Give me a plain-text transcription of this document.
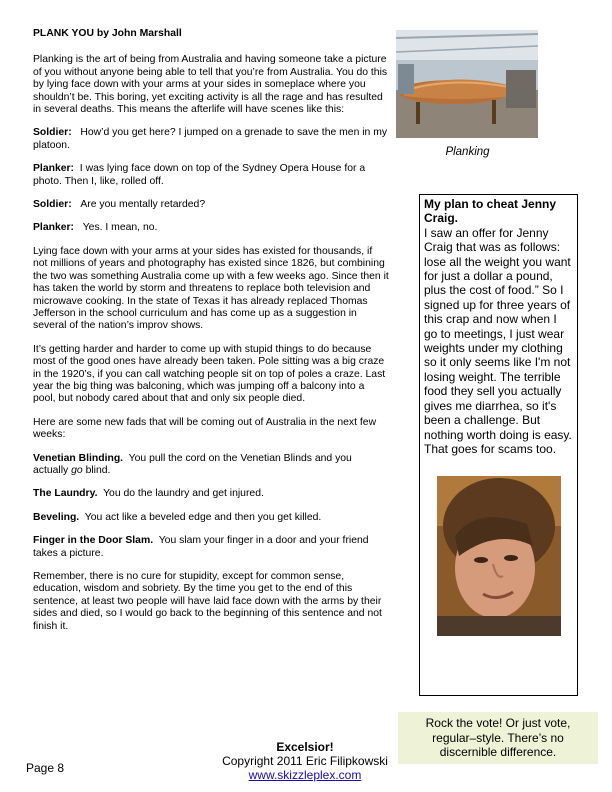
PLANK YOU by John Marshall

Planking is the art of being from Australia and having someone take a picture of you without anyone being able to tell that you’re from Australia. You do this by lying face down with your arms at your sides in someplace where you shouldn’t be. This boring, yet exciting activity is all the rage and has resulted in several deaths. This means the afterlife will have scenes like this:

Soldier: How’d you get here? I jumped on a grenade to save the men in my platoon.

Planker: I was lying face down on top of the Sydney Opera House for a photo. Then I, like, rolled off.

Soldier: Are you mentally retarded?

Planker: Yes. I mean, no.

Lying face down with your arms at your sides has existed for thousands, if not millions of years and photography has existed since 1826, but combining the two was something Australia come up with a few weeks ago. Since then it has taken the world by storm and threatens to replace both television and microwave cooking. In the state of Texas it has already replaced Thomas Jefferson in the school curriculum and has come up as a suggestion in several of the nation’s improv shows.

It’s getting harder and harder to come up with stupid things to do because most of the good ones have already been taken. Pole sitting was a big craze in the 1920’s, if you can call watching people sit on top of poles a craze. Last year the big thing was balconing, which was jumping off a balcony into a pool, but nobody cared about that and only six people died.

Here are some new fads that will be coming out of Australia in the next few weeks:

Venetian Blinding. You pull the cord on the Venetian Blinds and you actually go blind.

The Laundry. You do the laundry and get injured.

Beveling. You act like a beveled edge and then you get killed.

Finger in the Door Slam. You slam your finger in a door and your friend takes a picture.

Remember, there is no cure for stupidity, except for common sense, education, wisdom and sobriety. By the time you get to the end of this sentence, at least two people will have laid face down with the arms by their sides and died, so I would go back to the beginning of this sentence and not finish it.

Planking
My plan to cheat Jenny Craig.
I saw an offer for Jenny Craig that was as follows: lose all the weight you want for just a dollar a pound, plus the cost of food.” So I signed up for three years of this crap and now when I go to meetings, I just wear weights under my clothing so it only seems like I'm not losing weight. The terrible food they sell you actually gives me diarrhea, so it's been a challenge. But nothing worth doing is easy. That goes for scams too.
Rock the vote! Or just vote, regular–style. There’s no discernible difference.
Page 8
Excelsior!
Copyright 2011 Eric Filipkowski
www.skizzleplex.com
